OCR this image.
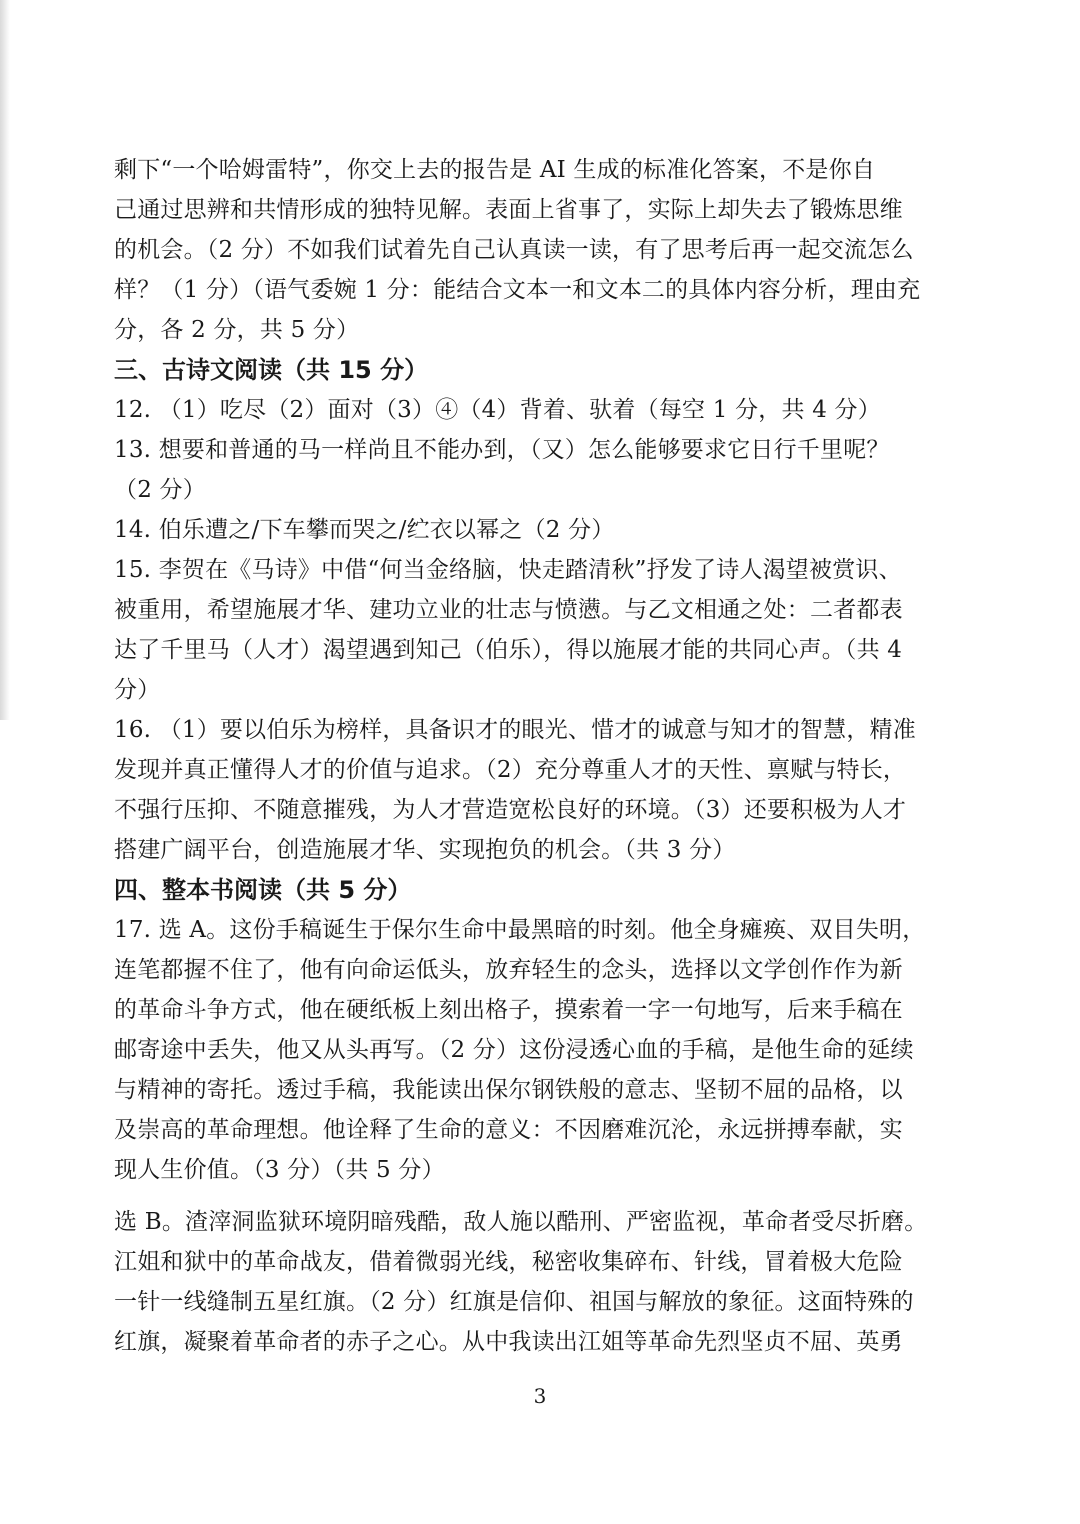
剩下“一个哈姆雷特”，你交上去的报告是 AI 生成的标准化答案，不是你自
己通过思辨和共情形成的独特见解。表面上省事了，实际上却失去了锻炼思维
的机会。（2 分）不如我们试着先自己认真读一读，有了思考后再一起交流怎么
样？（1 分）（语气委婉 1 分：能结合文本一和文本二的具体内容分析，理由充
分，各 2 分，共 5 分）
三、古诗文阅读（共 15 分）
12. （1）吃尽（2）面对（3）④（4）背着、驮着（每空 1 分，共 4 分）
13. 想要和普通的马一样尚且不能办到，（又）怎么能够要求它日行千里呢？
（2 分）
14. 伯乐遭之/下车攀而哭之/纻衣以幂之（2 分）
15. 李贺在《马诗》中借“何当金络脑，快走踏清秋”抒发了诗人渴望被赏识、
被重用，希望施展才华、建功立业的壮志与愤懑。与乙文相通之处：二者都表
达了千里马（人才）渴望遇到知己（伯乐），得以施展才能的共同心声。（共 4
分）
16. （1）要以伯乐为榜样，具备识才的眼光、惜才的诚意与知才的智慧，精准
发现并真正懂得人才的价值与追求。（2）充分尊重人才的天性、禀赋与特长，
不强行压抑、不随意摧残，为人才营造宽松良好的环境。（3）还要积极为人才
搭建广阔平台，创造施展才华、实现抱负的机会。（共 3 分）
四、整本书阅读（共 5 分）
17. 选 A。这份手稿诞生于保尔生命中最黑暗的时刻。他全身瘫痪、双目失明，
连笔都握不住了，他有向命运低头，放弃轻生的念头，选择以文学创作作为新
的革命斗争方式，他在硬纸板上刻出格子，摸索着一字一句地写，后来手稿在
邮寄途中丢失，他又从头再写。（2 分）这份浸透心血的手稿，是他生命的延续
与精神的寄托。透过手稿，我能读出保尔钢铁般的意志、坚韧不屈的品格，以
及崇高的革命理想。他诠释了生命的意义：不因磨难沉沦，永远拼搏奉献，实
现人生价值。（3 分）（共 5 分）
选 B。渣滓洞监狱环境阴暗残酷，敌人施以酷刑、严密监视，革命者受尽折磨。
江姐和狱中的革命战友，借着微弱光线，秘密收集碎布、针线，冒着极大危险
一针一线缝制五星红旗。（2 分）红旗是信仰、祖国与解放的象征。这面特殊的
红旗，凝聚着革命者的赤子之心。从中我读出江姐等革命先烈坚贞不屈、英勇
3
